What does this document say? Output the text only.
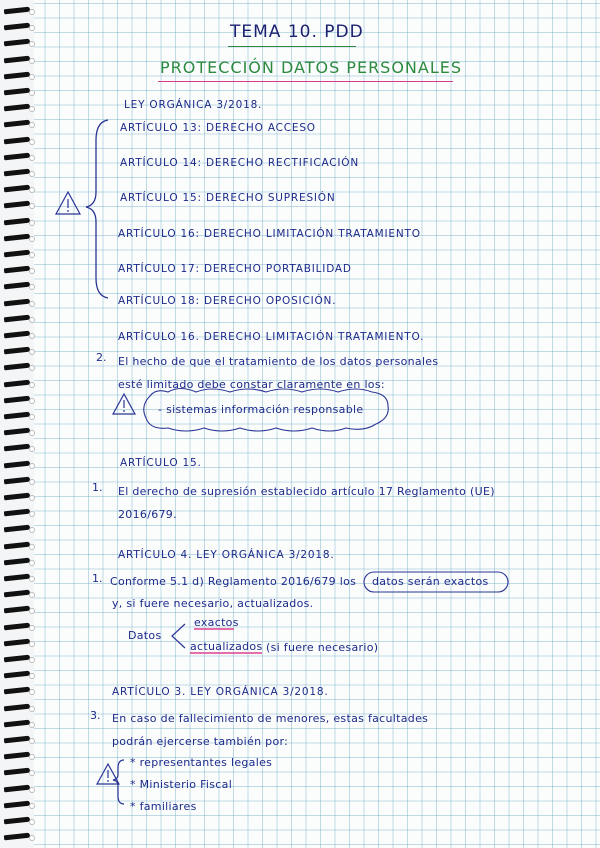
TEMA 10. PDD
PROTECCIÓN DATOS PERSONALES
LEY ORGÁNICA 3/2018.
ARTÍCULO 13: DERECHO ACCESO
ARTÍCULO 14: DERECHO RECTIFICACIÓN
ARTÍCULO 15: DERECHO SUPRESIÓN
ARTÍCULO 16: DERECHO LIMITACIÓN TRATAMIENTO
ARTÍCULO 17: DERECHO PORTABILIDAD
ARTÍCULO 18: DERECHO OPOSICIÓN.
ARTÍCULO 16. DERECHO LIMITACIÓN TRATAMIENTO.
2. El hecho de que el tratamiento de los datos personales
esté limitado debe constar claramente en los:
- sistemas información responsable
ARTÍCULO 15.
1. El derecho de supresión establecido artículo 17 Reglamento (UE)
2016/679.
ARTÍCULO 4. LEY ORGÁNICA 3/2018.
1. Conforme 5.1 d) Reglamento 2016/679 los datos serán exactos
y, si fuere necesario, actualizados.
Datos
exactos
actualizados (si fuere necesario)
ARTÍCULO 3. LEY ORGÁNICA 3/2018.
3. En caso de fallecimiento de menores, estas facultades
podrán ejercerse también por:
* representantes legales
* Ministerio Fiscal
* familiares
